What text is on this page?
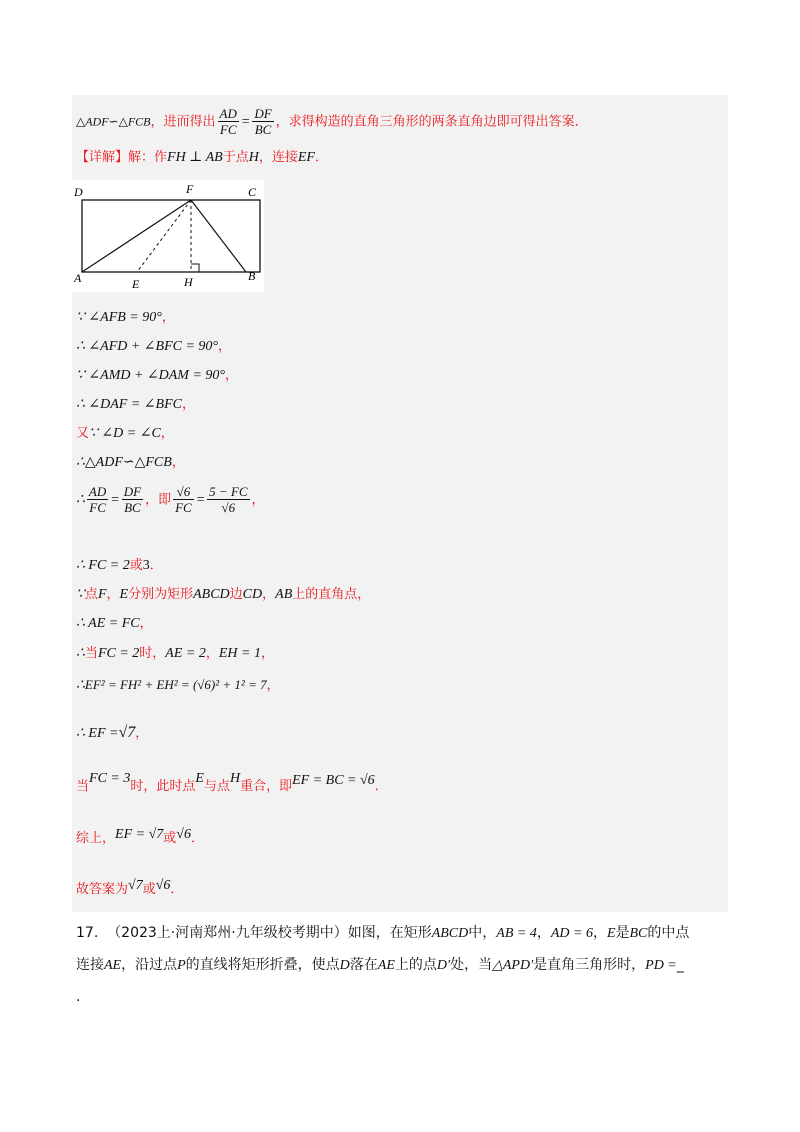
△ADF∽△FCB，进而得出 $\frac{AD}{FC} = \frac{DF}{BC}$ ，求得构造的直角三角形的两条直角边即可得出答案．
【详解】解：作FH ⊥ AB于点H，连接EF．
D	F	C
A	E	H	B
∵ ∠AFB = 90°，
∴ ∠AFD + ∠BFC = 90°，
∵ ∠AMD + ∠DAM = 90°，
∴ ∠DAF = ∠BFC，
又∵ ∠D = ∠C，
∴△ADF∽△FCB，
∴ $\frac{AD}{FC} = \frac{DF}{BC}$ ，即 $\frac{√6}{FC} = \frac{5 - FC}{√6}$ ，
∴ FC = 2或3．
∵点F，E分别为矩形ABCD边CD，AB上的直角点，
∴ AE = FC，
∴当FC = 2时，AE = 2，EH = 1，
∴EF² = FH² + EH² = (√6)² + 1² = 7，
∴ EF =√7，
当FC = 3时，此时点E与点H重合，即EF = BC = √6．
综上，EF = √7或√6．
故答案为√7或√6．
17. （2023上·河南郑州·九年级校考期中）如图，在矩形ABCD中，AB = 4，AD = 6，E是BC的中点
连接AE，沿过点P的直线将矩形折叠，使点D落在AE上的点D′处，当△APD′是直角三角形时，PD =_
.
